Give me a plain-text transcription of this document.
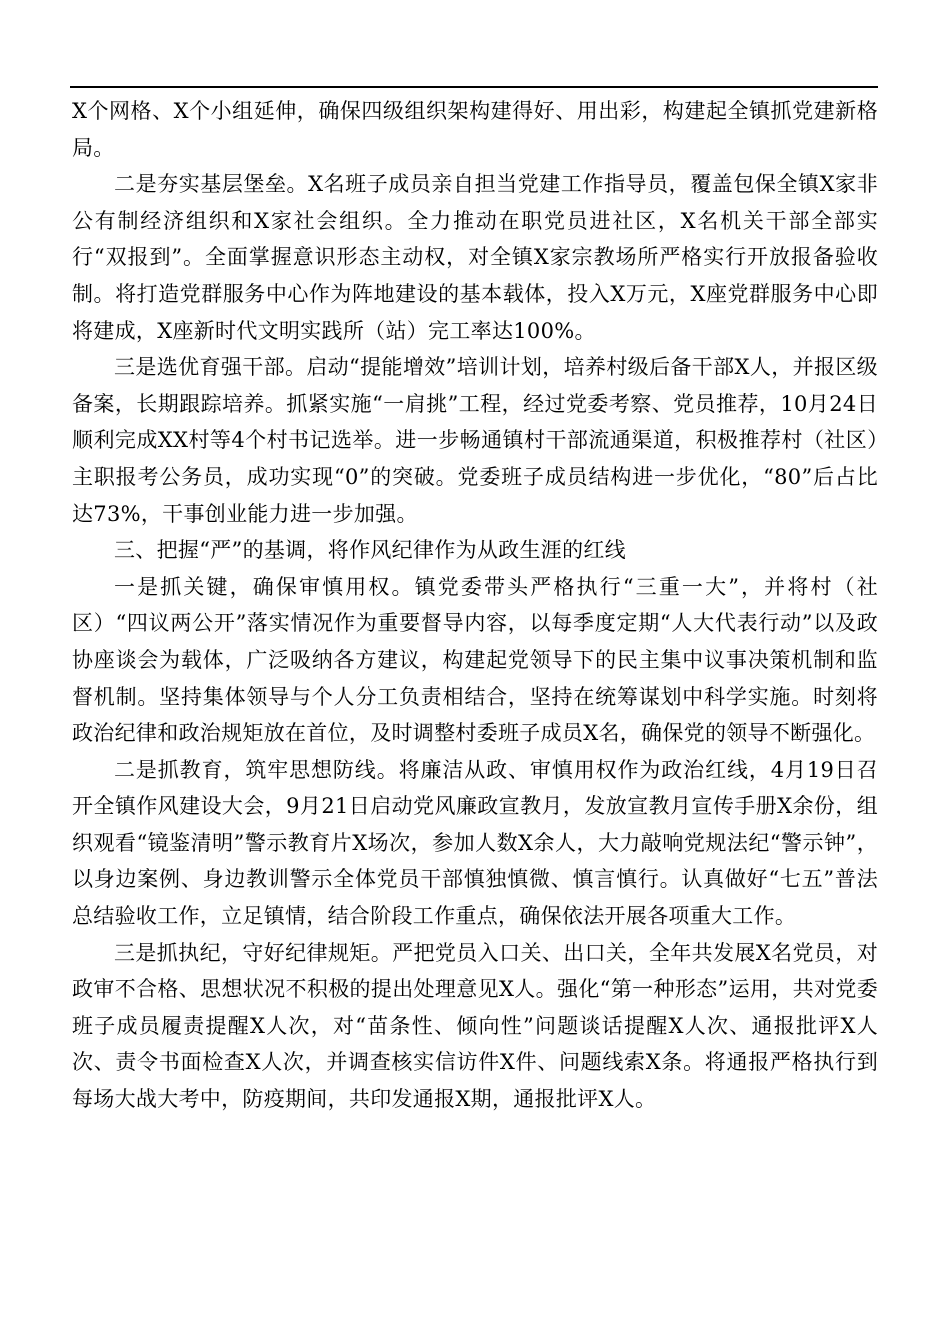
X个网格、X个小组延伸，确保四级组织架构建得好、用出彩，构建起全镇抓党建新格局。

二是夯实基层堡垒。X名班子成员亲自担当党建工作指导员，覆盖包保全镇X家非公有制经济组织和X家社会组织。全力推动在职党员进社区，X名机关干部全部实行“双报到”。全面掌握意识形态主动权，对全镇X家宗教场所严格实行开放报备验收制。将打造党群服务中心作为阵地建设的基本载体，投入X万元，X座党群服务中心即将建成，X座新时代文明实践所（站）完工率达100%。

三是选优育强干部。启动“提能增效”培训计划，培养村级后备干部X人，并报区级备案，长期跟踪培养。抓紧实施“一肩挑”工程，经过党委考察、党员推荐，10月24日顺利完成XX村等4个村书记选举。进一步畅通镇村干部流通渠道，积极推荐村（社区）主职报考公务员，成功实现“0”的突破。党委班子成员结构进一步优化，“80”后占比达73%，干事创业能力进一步加强。

三、把握“严”的基调，将作风纪律作为从政生涯的红线

一是抓关键，确保审慎用权。镇党委带头严格执行“三重一大”，并将村（社区）“四议两公开”落实情况作为重要督导内容，以每季度定期“人大代表行动”以及政协座谈会为载体，广泛吸纳各方建议，构建起党领导下的民主集中议事决策机制和监督机制。坚持集体领导与个人分工负责相结合，坚持在统筹谋划中科学实施。时刻将政治纪律和政治规矩放在首位，及时调整村委班子成员X名，确保党的领导不断强化。

二是抓教育，筑牢思想防线。将廉洁从政、审慎用权作为政治红线，4月19日召开全镇作风建设大会，9月21日启动党风廉政宣教月，发放宣教月宣传手册X余份，组织观看“镜鉴清明”警示教育片X场次，参加人数X余人，大力敲响党规法纪“警示钟”，以身边案例、身边教训警示全体党员干部慎独慎微、慎言慎行。认真做好“七五”普法总结验收工作，立足镇情，结合阶段工作重点，确保依法开展各项重大工作。

三是抓执纪，守好纪律规矩。严把党员入口关、出口关，全年共发展X名党员，对政审不合格、思想状况不积极的提出处理意见X人。强化“第一种形态”运用，共对党委班子成员履责提醒X人次，对“苗条性、倾向性”问题谈话提醒X人次、通报批评X人次、责令书面检查X人次，并调查核实信访件X件、问题线索X条。将通报严格执行到每场大战大考中，防疫期间，共印发通报X期，通报批评X人。
